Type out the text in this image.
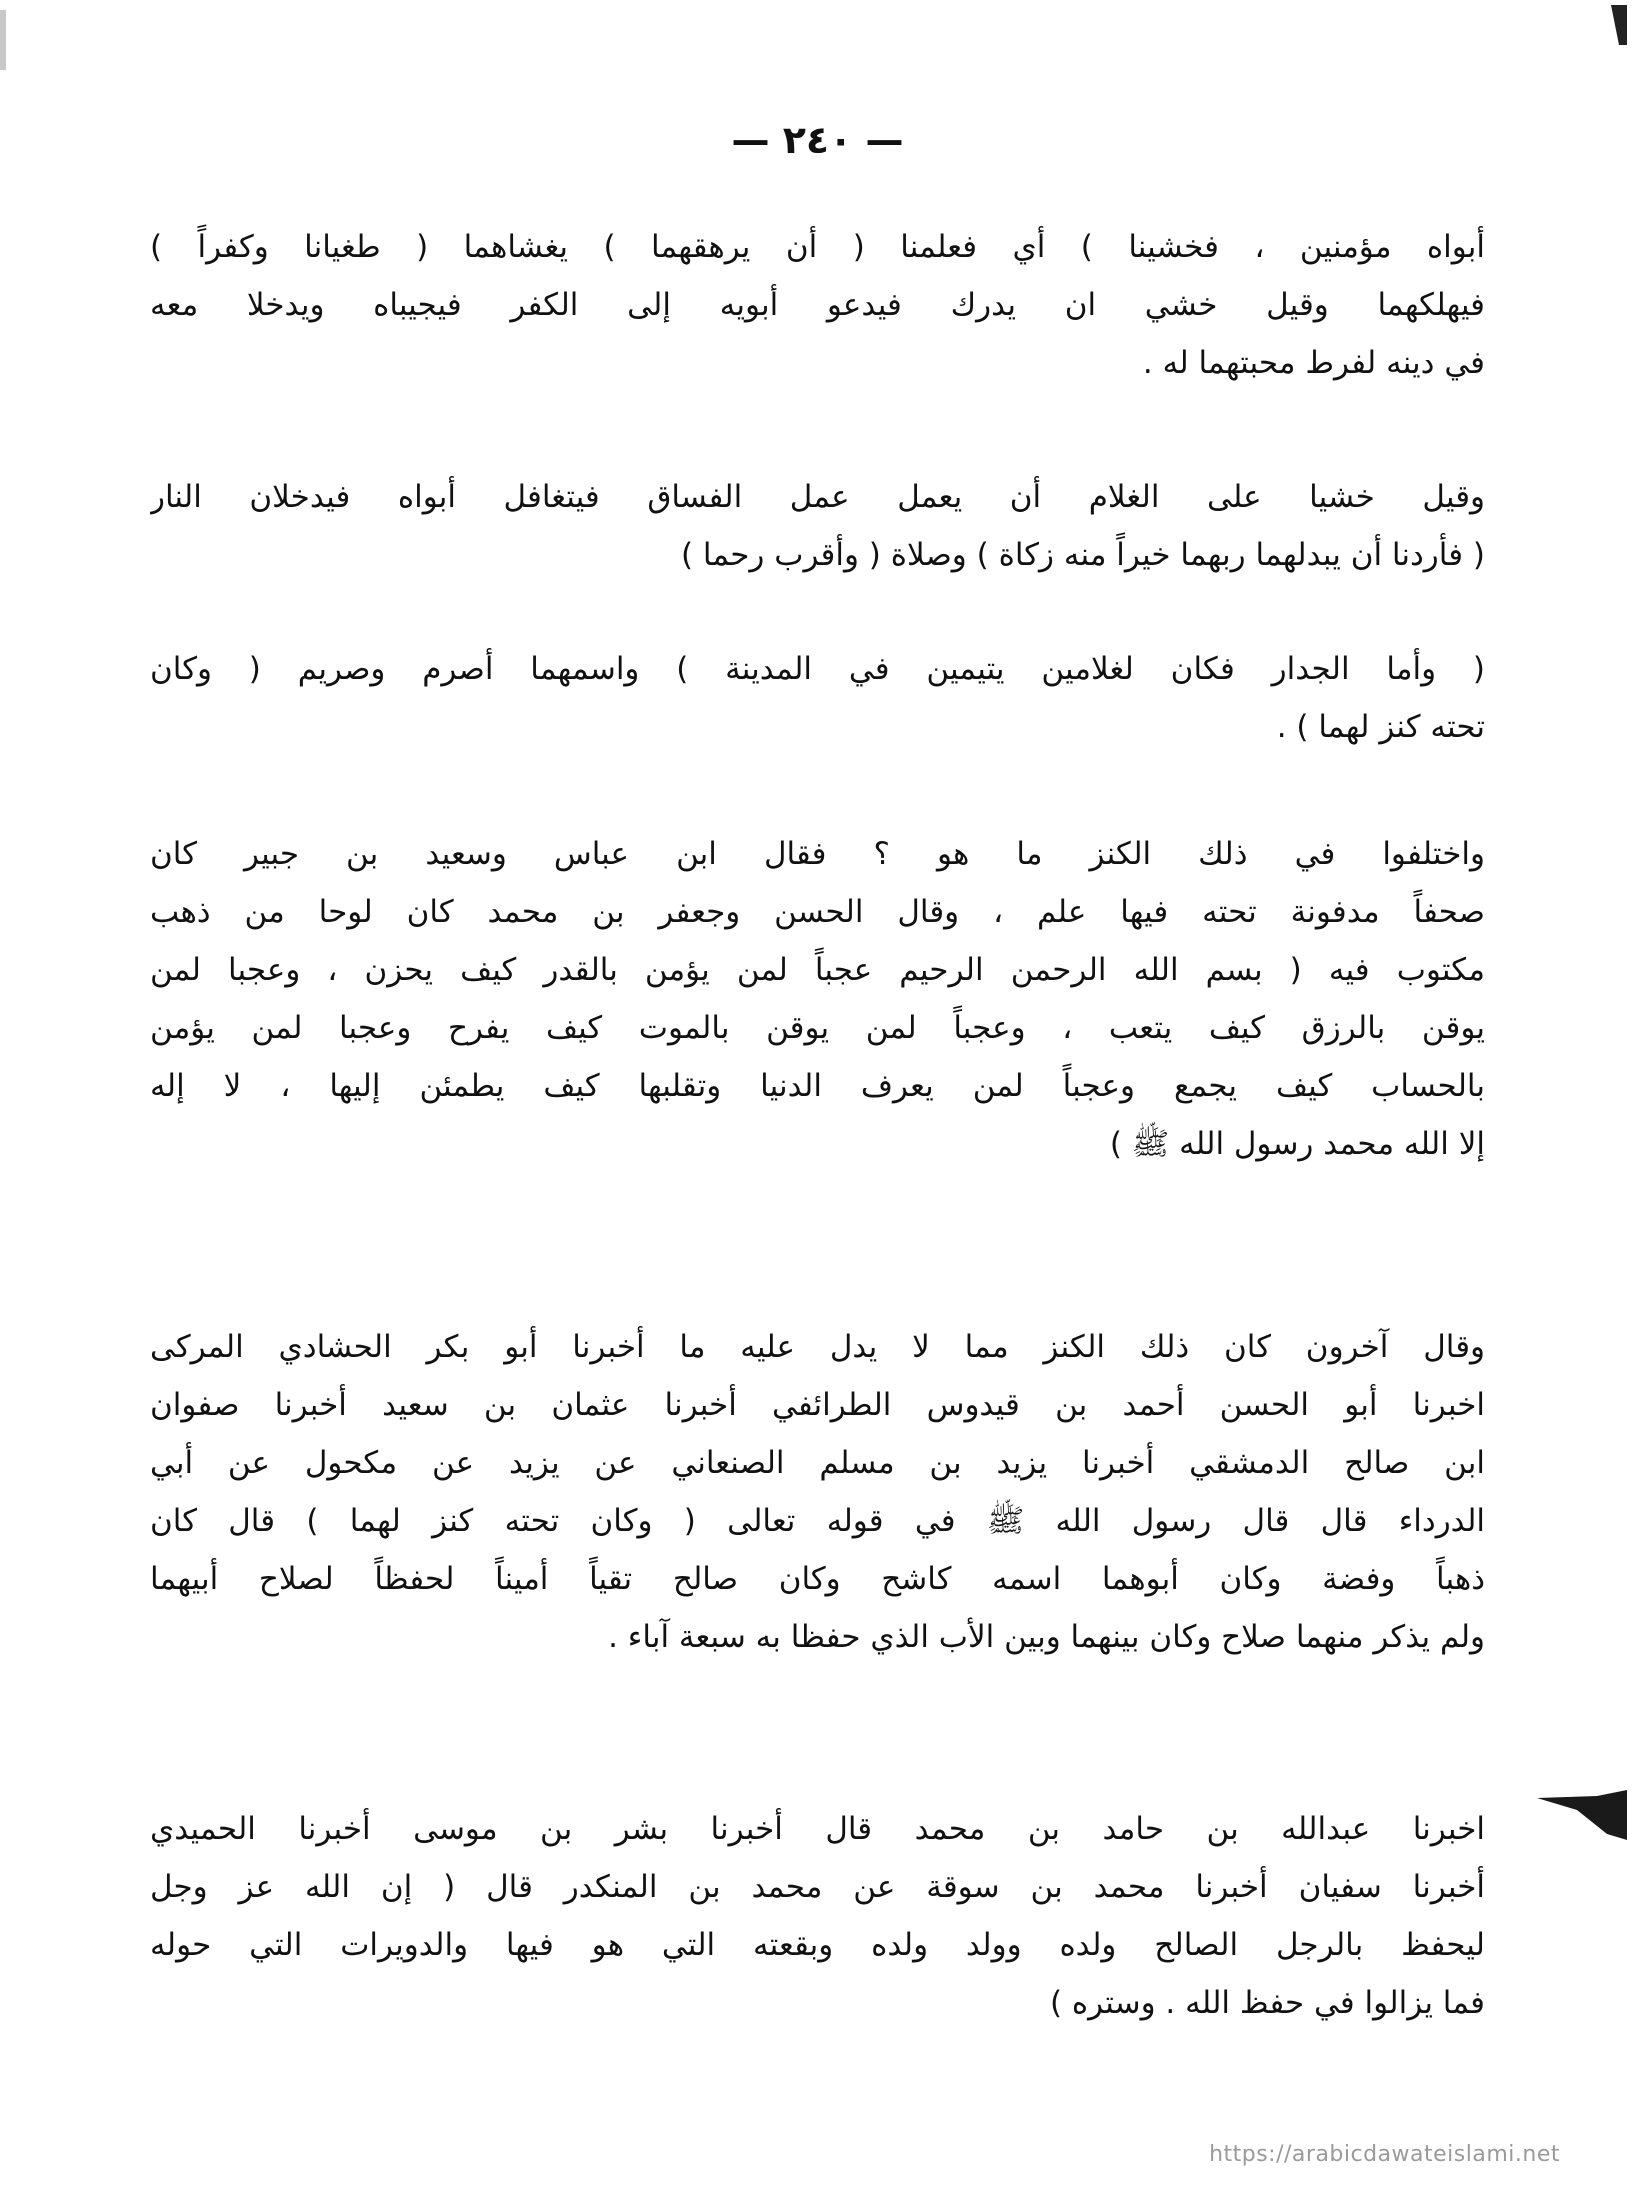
— ٢٤٠ —
أبواه مؤمنين ، فخشينا ) أي فعلمنا ( أن يرهقهما ) يغشاهما ( طغيانا وكفراً )
فيهلكهما وقيل خشي ان يدرك فيدعو أبويه إلى الكفر فيجيباه ويدخلا معه
في دينه لفرط محبتهما له .
وقيل خشيا على الغلام أن يعمل عمل الفساق فيتغافل أبواه فيدخلان النار
( فأردنا أن يبدلهما ربهما خيراً منه زكاة ) وصلاة ( وأقرب رحما )
( وأما الجدار فكان لغلامين يتيمين في المدينة ) واسمهما أصرم وصريم ( وكان
تحته كنز لهما ) .
واختلفوا في ذلك الكنز ما هو ؟ فقال ابن عباس وسعيد بن جبير كان
صحفاً مدفونة تحته فيها علم ، وقال الحسن وجعفر بن محمد كان لوحا من ذهب
مكتوب فيه ( بسم الله الرحمن الرحيم عجباً لمن يؤمن بالقدر كيف يحزن ، وعجبا لمن
يوقن بالرزق كيف يتعب ، وعجباً لمن يوقن بالموت كيف يفرح وعجبا لمن يؤمن
بالحساب كيف يجمع وعجباً لمن يعرف الدنيا وتقلبها كيف يطمئن إليها ، لا إله
إلا الله محمد رسول الله ﷺ )
وقال آخرون كان ذلك الكنز مما لا يدل عليه ما أخبرنا أبو بكر الحشادي المركى
اخبرنا أبو الحسن أحمد بن قيدوس الطرائفي أخبرنا عثمان بن سعيد أخبرنا صفوان
ابن صالح الدمشقي أخبرنا يزيد بن مسلم الصنعاني عن يزيد عن مكحول عن أبي
الدرداء قال قال رسول الله ﷺ في قوله تعالى ( وكان تحته كنز لهما ) قال كان
ذهباً وفضة وكان أبوهما اسمه كاشح وكان صالح تقياً أميناً لحفظاً لصلاح أبيهما
ولم يذكر منهما صلاح وكان بينهما وبين الأب الذي حفظا به سبعة آباء .
اخبرنا عبدالله بن حامد بن محمد قال أخبرنا بشر بن موسى أخبرنا الحميدي
أخبرنا سفيان أخبرنا محمد بن سوقة عن محمد بن المنكدر قال ( إن الله عز وجل
ليحفظ بالرجل الصالح ولده وولد ولده وبقعته التي هو فيها والدويرات التي حوله
فما يزالوا في حفظ الله . وستره )
https://arabicdawateislami.net
